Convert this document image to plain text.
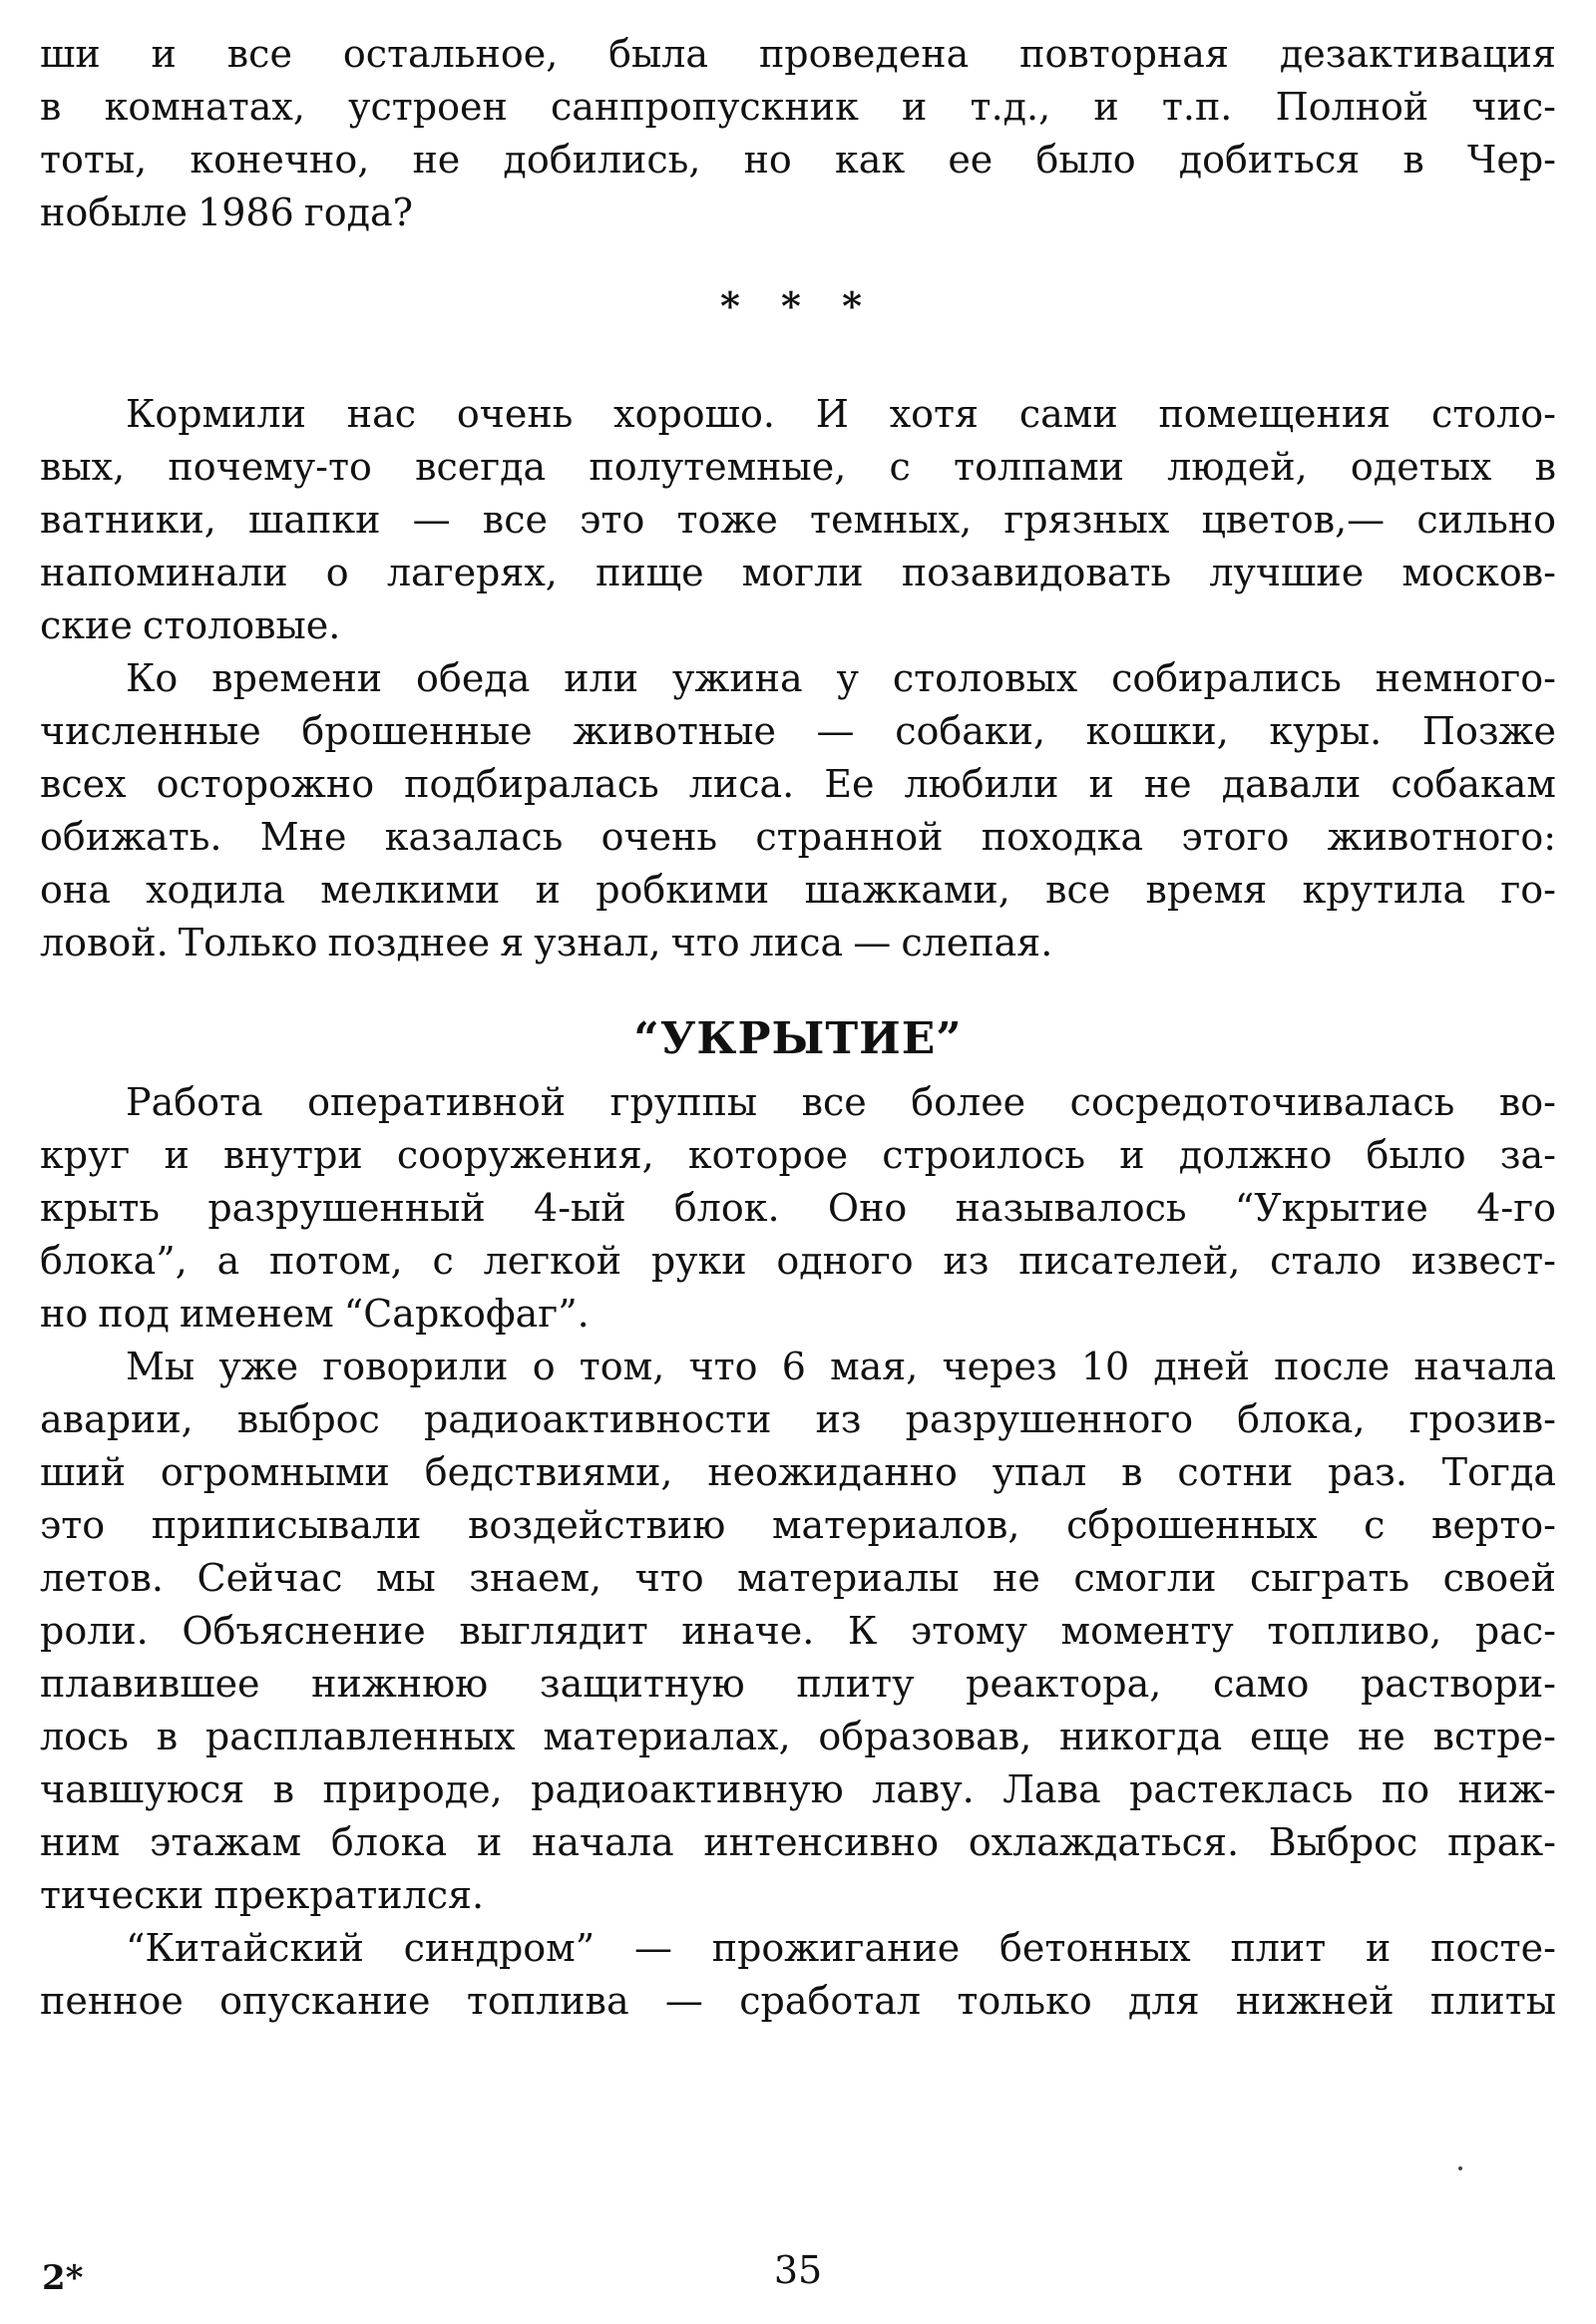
ши и все остальное, была проведена повторная дезактивация
в комнатах, устроен санпропускник и т.д., и т.п. Полной чис-
тоты, конечно, не добились, но как ее было добиться в Чер-
нобыле 1986 года?

* * *

Кормили нас очень хорошо. И хотя сами помещения столо-
вых, почему-то всегда полутемные, с толпами людей, одетых в
ватники, шапки — все это тоже темных, грязных цветов,— сильно
напоминали о лагерях, пище могли позавидовать лучшие москов-
ские столовые.

Ко времени обеда или ужина у столовых собирались немного-
численные брошенные животные — собаки, кошки, куры. Позже
всех осторожно подбиралась лиса. Ее любили и не давали собакам
обижать. Мне казалась очень странной походка этого животного:
она ходила мелкими и робкими шажками, все время крутила го-
ловой. Только позднее я узнал, что лиса — слепая.

“УКРЫТИЕ”

Работа оперативной группы все более сосредоточивалась во-
круг и внутри сооружения, которое строилось и должно было за-
крыть разрушенный 4-ый блок. Оно называлось “Укрытие 4-го
блока”, а потом, с легкой руки одного из писателей, стало извест-
но под именем “Саркофаг”.

Мы уже говорили о том, что 6 мая, через 10 дней после начала
аварии, выброс радиоактивности из разрушенного блока, грозив-
ший огромными бедствиями, неожиданно упал в сотни раз. Тогда
это приписывали воздействию материалов, сброшенных с верто-
летов. Сейчас мы знаем, что материалы не смогли сыграть своей
роли. Объяснение выглядит иначе. К этому моменту топливо, рас-
плавившее нижнюю защитную плиту реактора, само раствори-
лось в расплавленных материалах, образовав, никогда еще не встре-
чавшуюся в природе, радиоактивную лаву. Лава растеклась по ниж-
ним этажам блока и начала интенсивно охлаждаться. Выброс прак-
тически прекратился.

“Китайский синдром” — прожигание бетонных плит и посте-
пенное опускание топлива — сработал только для нижней плиты

2*	35
